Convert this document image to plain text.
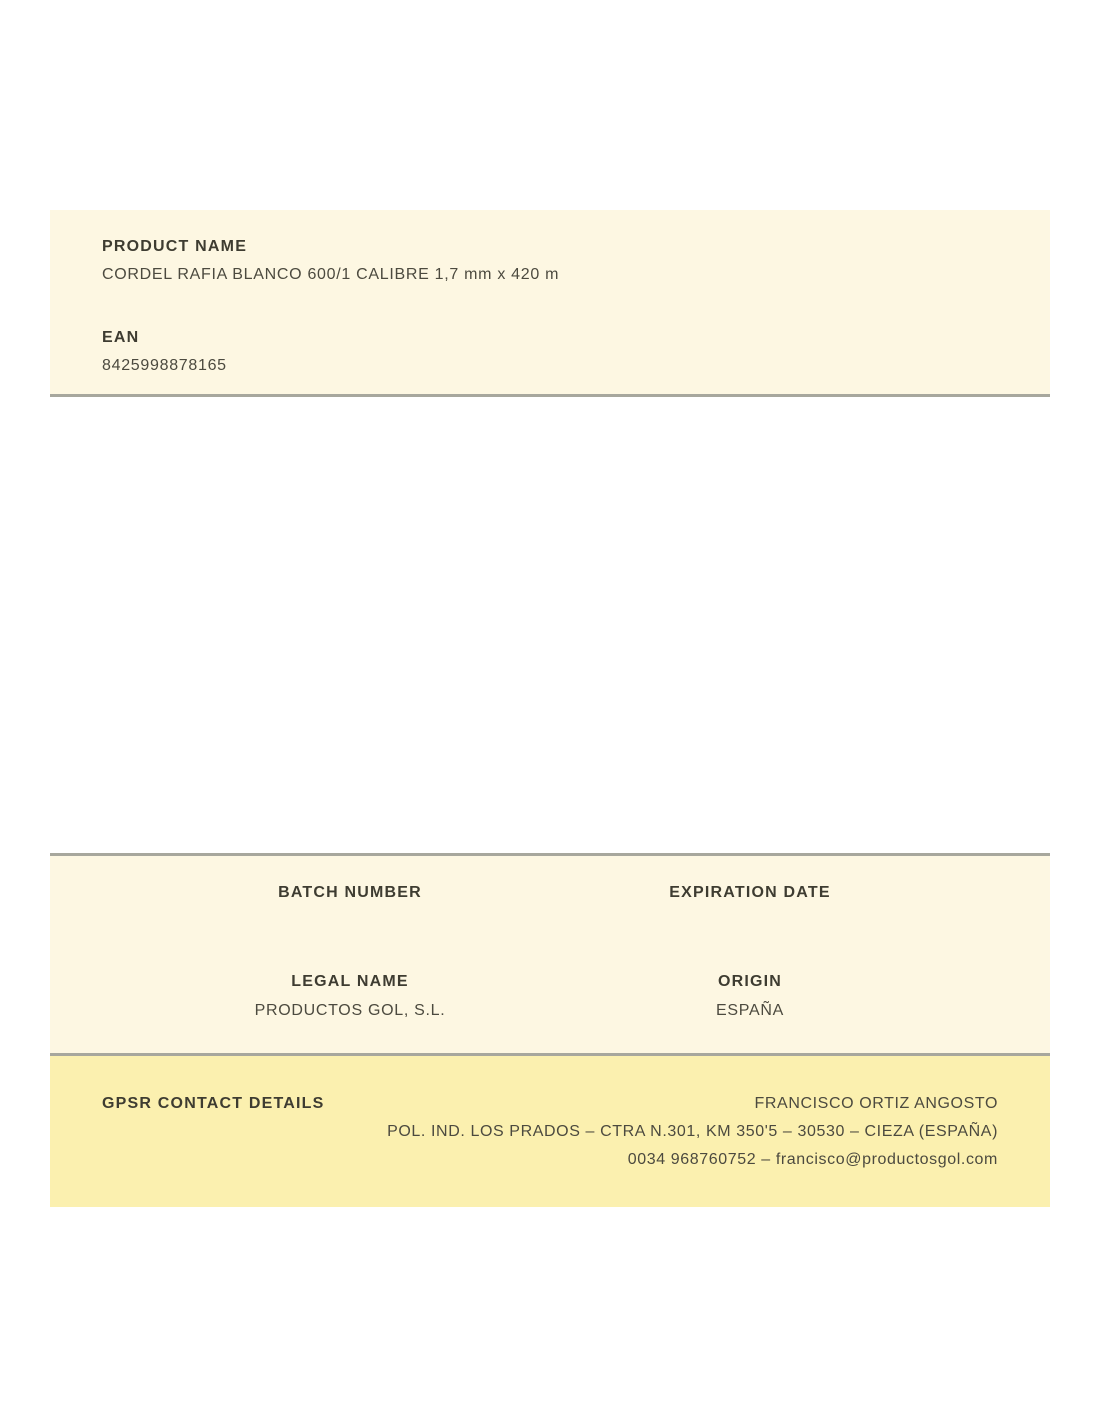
PRODUCT NAME
CORDEL RAFIA BLANCO 600/1 CALIBRE 1,7 mm x 420 m
EAN
8425998878165
BATCH NUMBER	EXPIRATION DATE
LEGAL NAME
PRODUCTOS GOL, S.L.
ORIGIN
ESPAÑA
GPSR CONTACT DETAILS	FRANCISCO ORTIZ ANGOSTO
POL. IND. LOS PRADOS – CTRA N.301, KM 350'5 – 30530 – CIEZA (ESPAÑA)
0034 968760752 – francisco@productosgol.com
